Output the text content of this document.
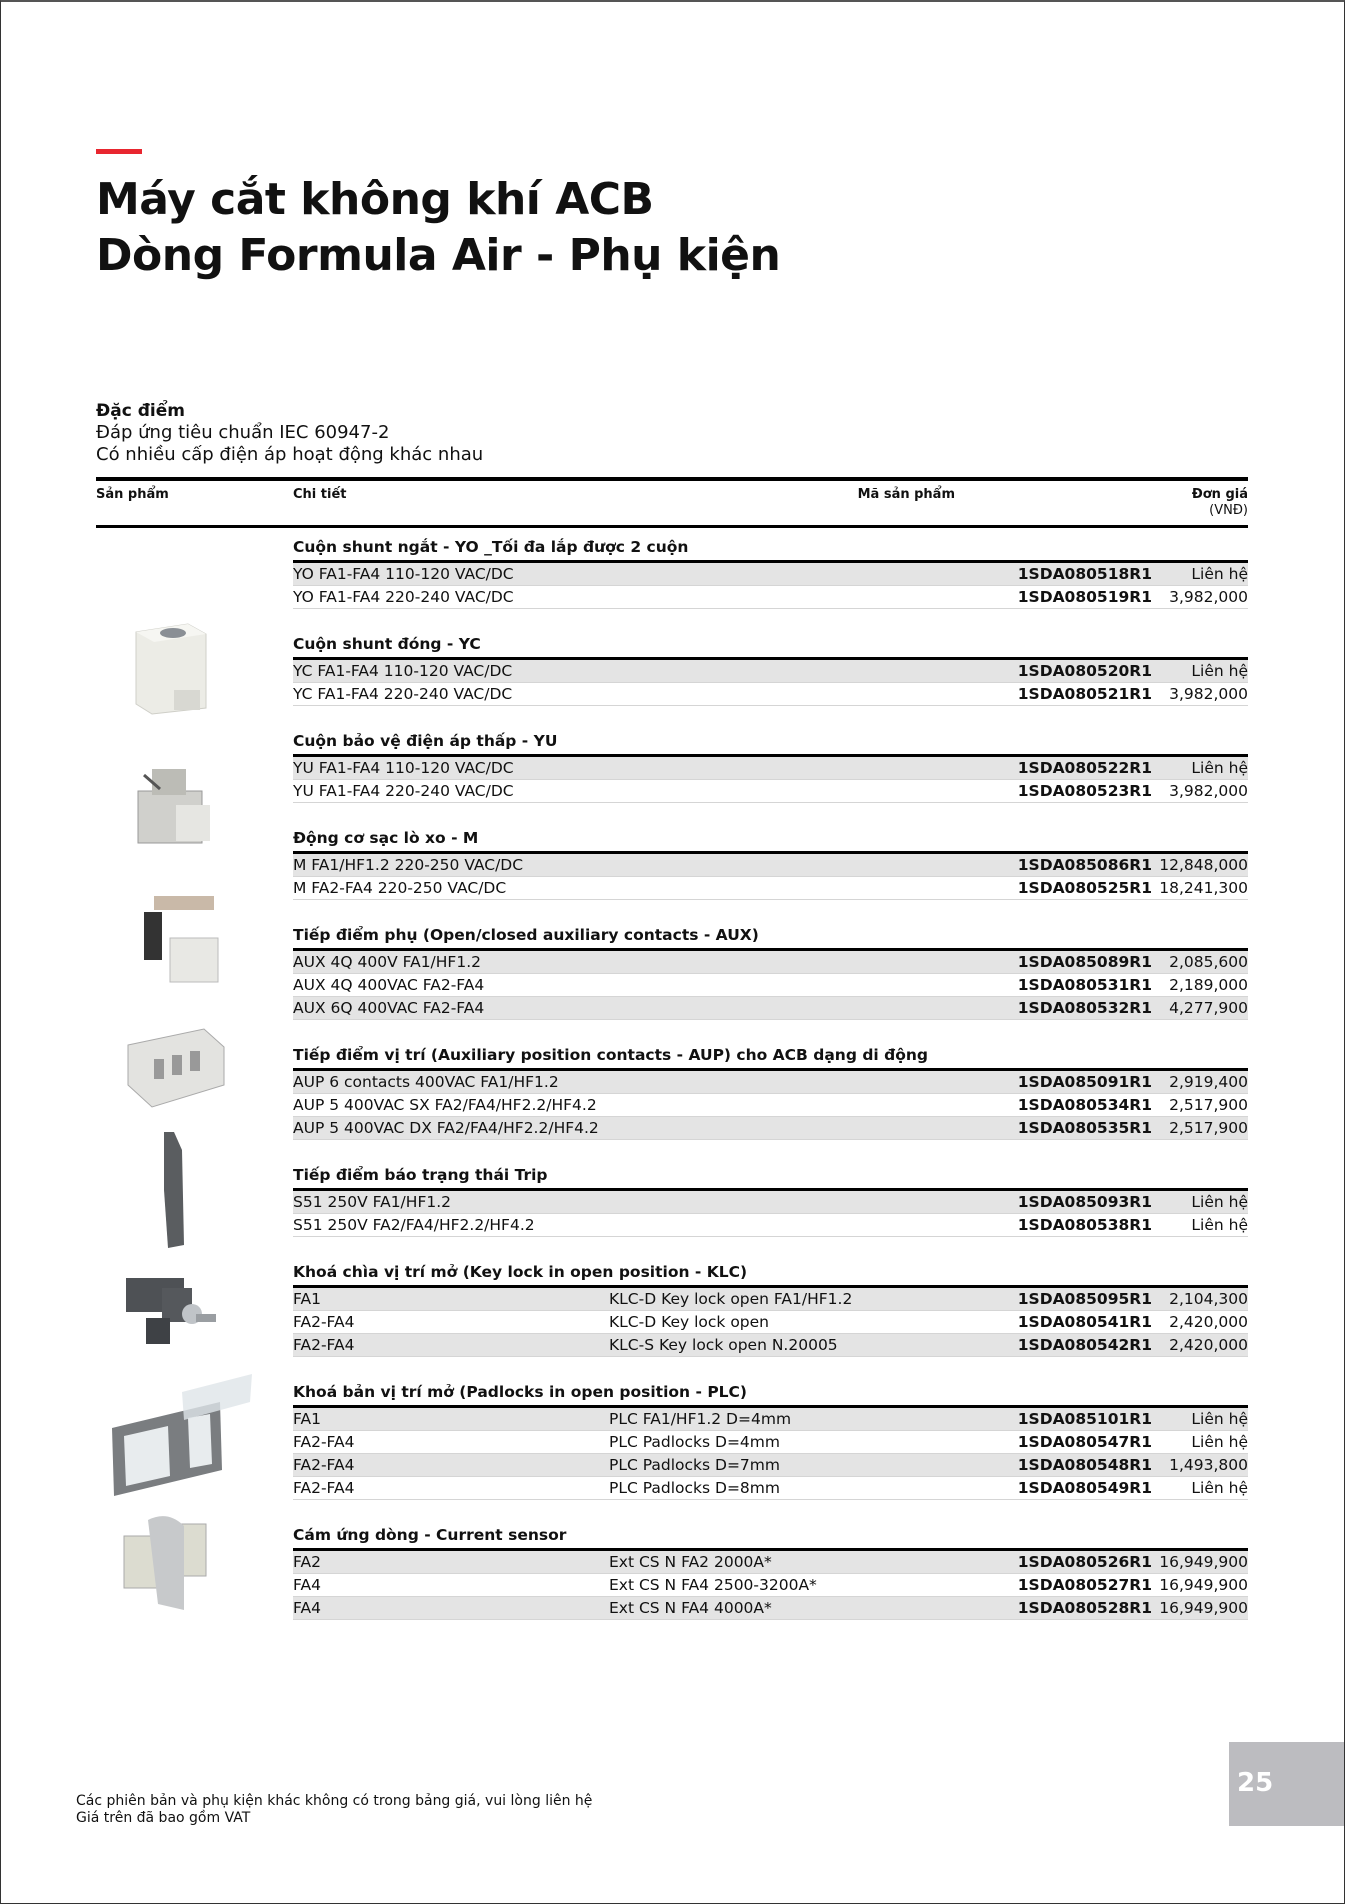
Máy cắt không khí ACB
Dòng Formula Air - Phụ kiện
Đặc điểm
Đáp ứng tiêu chuẩn IEC 60947-2
Có nhiều cấp điện áp hoạt động khác nhau
Sản phẩm	Chi tiết	Mã sản phẩm	Đơn giá
(VNĐ)
Cuộn shunt ngắt - YO _Tối đa lắp được 2 cuộn
YO FA1-FA4 110-120 VAC/DC	1SDA080518R1	Liên hệ
YO FA1-FA4 220-240 VAC/DC	1SDA080519R1 3,982,000
Cuộn shunt đóng - YC
YC FA1-FA4 110-120 VAC/DC	1SDA080520R1	Liên hệ
YC FA1-FA4 220-240 VAC/DC	1SDA080521R1 3,982,000
Cuộn bảo vệ điện áp thấp - YU
YU FA1-FA4 110-120 VAC/DC	1SDA080522R1	Liên hệ
YU FA1-FA4 220-240 VAC/DC	1SDA080523R1 3,982,000
Động cơ sạc lò xo - M
M FA1/HF1.2 220-250 VAC/DC	1SDA085086R1 12,848,000
M FA2-FA4 220-250 VAC/DC	1SDA080525R1 18,241,300
Tiếp điểm phụ (Open/closed auxiliary contacts - AUX)
AUX 4Q 400V FA1/HF1.2	1SDA085089R1 2,085,600
AUX 4Q 400VAC FA2-FA4	1SDA080531R1 2,189,000
AUX 6Q 400VAC FA2-FA4	1SDA080532R1 4,277,900
Tiếp điểm vị trí (Auxiliary position contacts - AUP) cho ACB dạng di động
AUP 6 contacts 400VAC FA1/HF1.2	1SDA085091R1 2,919,400
AUP 5 400VAC SX FA2/FA4/HF2.2/HF4.2	1SDA080534R1 2,517,900
AUP 5 400VAC DX FA2/FA4/HF2.2/HF4.2	1SDA080535R1 2,517,900
Tiếp điểm báo trạng thái Trip
S51 250V FA1/HF1.2	1SDA085093R1	Liên hệ
S51 250V FA2/FA4/HF2.2/HF4.2	1SDA080538R1	Liên hệ
Khoá chìa vị trí mở (Key lock in open position - KLC)
FA1	KLC-D Key lock open FA1/HF1.2	1SDA085095R1 2,104,300
FA2-FA4	KLC-D Key lock open	1SDA080541R1 2,420,000
FA2-FA4	KLC-S Key lock open N.20005	1SDA080542R1 2,420,000
Khoá bản vị trí mở (Padlocks in open position - PLC)
FA1	PLC FA1/HF1.2 D=4mm	1SDA085101R1	Liên hệ
FA2-FA4	PLC Padlocks D=4mm	1SDA080547R1	Liên hệ
FA2-FA4	PLC Padlocks D=7mm	1SDA080548R1 1,493,800
FA2-FA4	PLC Padlocks D=8mm	1SDA080549R1	Liên hệ
Cám ứng dòng - Current sensor
FA2	Ext CS N FA2 2000A*	1SDA080526R1 16,949,900
FA4	Ext CS N FA4 2500-3200A*	1SDA080527R1 16,949,900
FA4	Ext CS N FA4 4000A*	1SDA080528R1 16,949,900
Các phiên bản và phụ kiện khác không có trong bảng giá, vui lòng liên hệ
Giá trên đã bao gồm VAT
25
